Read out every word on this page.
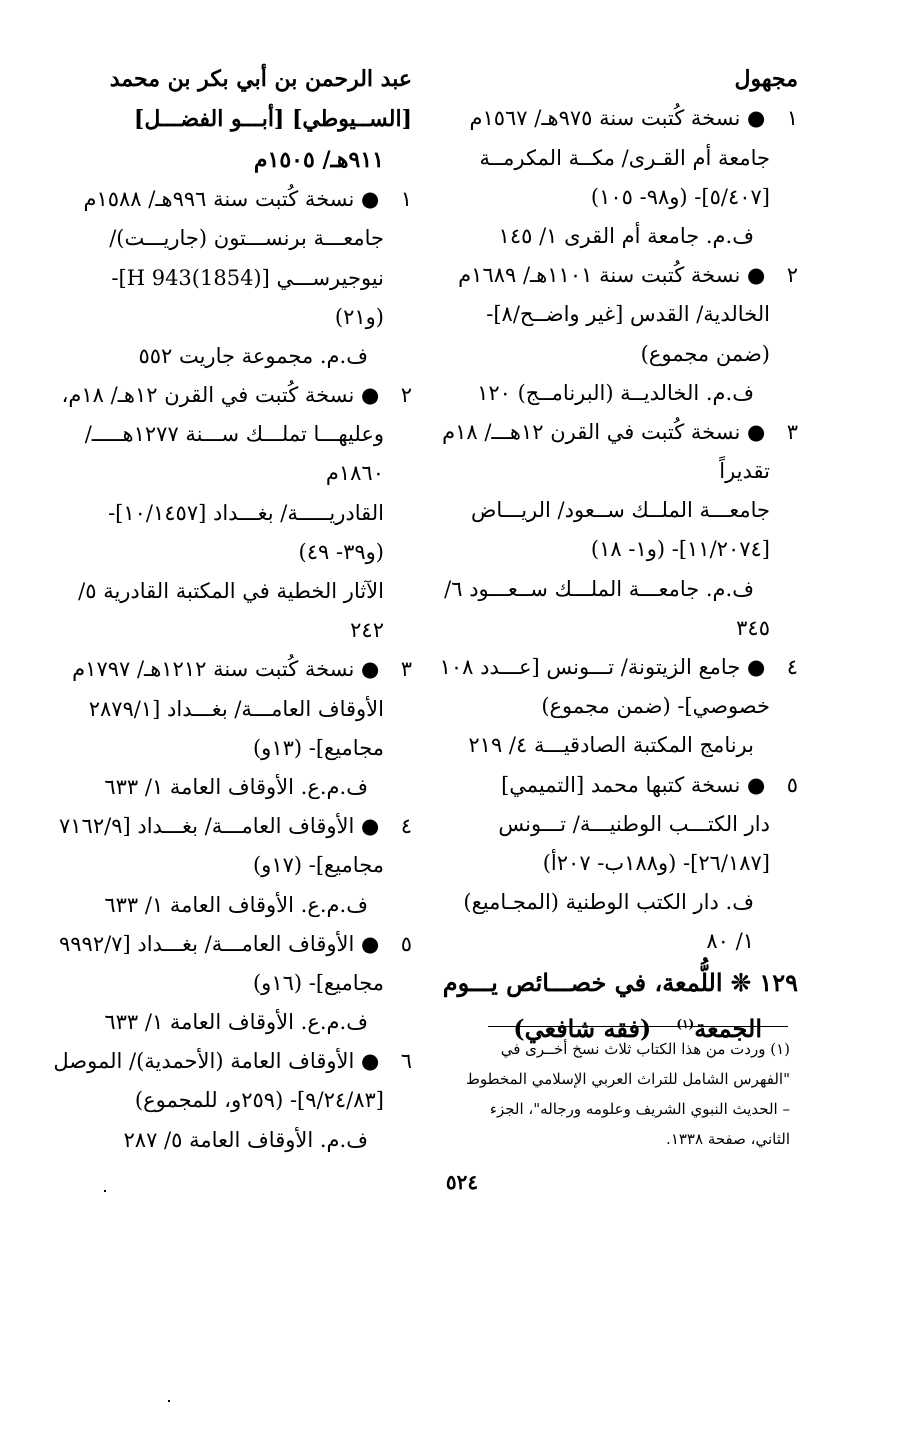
مجهول

١ ● نسخة كُتبت سنة ٩٧٥هـ/ ١٥٦٧م

جامعة أم القـرى/ مكــة المكرمــة

[٥/٤٠٧]- (و٩٨- ١٠٥)

ف.م. جامعة أم القرى ١/ ١٤٥

٢ ● نسخة كُتبت سنة ١١٠١هـ/ ١٦٨٩م

الخالدية/ القدس [غير واضــح/٨]-

(ضمن مجموع)

ف.م. الخالديــة (البرنامــج) ١٢٠

٣ ● نسخة كُتبت في القرن ١٢هـــ/ ١٨م

تقديراً

جامعـــة الملــك ســعود/ الريـــاض

[١١/٢٠٧٤]- (و١- ١٨)

ف.م. جامعـــة الملـــك ســعـــود ٦/

٣٤٥

٤ ● جامع الزيتونة/ تـــونس [عـــدد ١٠٨

خصوصي]- (ضمن مجموع)

برنامج المكتبة الصادقيـــة ٤/ ٢١٩

٥ ● نسخة كتبها محمد [التميمي]

دار الكتـــب الوطنيـــة/ تـــونس

[٢٦/١٨٧]- (و١٨٨ب- ٢٠٧أ)

ف. دار الكتب الوطنية (المجـاميع)

١/ ٨٠

١٢٩ ❊ اللُّمعة، في خصـــائص يـــوم

الجمعة$^{(١)}$   (فقه شافعي)

عبد الرحمن بن أبي بكر بن محمد

[الســيوطي] [أبـــو الفضـــل]

٩١١هـ/ ١٥٠٥م

١ ● نسخة كُتبت سنة ٩٩٦هـ/ ١٥٨٨م

جامعـــة برنســـتون (جاريـــت)/

نيوجيرســـي [H 943(1854)]-

(و٢١)

ف.م. مجموعة جاريت ٥٥٢

٢ ● نسخة كُتبت في القرن ١٢هـ/ ١٨م،

وعليهـــا تملـــك ســـنة ١٢٧٧هـــــ/

١٨٦٠م

القادريـــــة/ بغـــداد [١٠/١٤٥٧]-

(و٣٩- ٤٩)

الآثار الخطية في المكتبة القادرية ٥/

٢٤٢

٣ ● نسخة كُتبت سنة ١٢١٢هـ/ ١٧٩٧م

الأوقاف العامـــة/ بغـــداد [٢٨٧٩/١

مجاميع]- (١٣و)

ف.م.ع. الأوقاف العامة ١/ ٦٣٣

٤ ● الأوقاف العامـــة/ بغـــداد [٧١٦٢/٩

مجاميع]- (١٧و)

ف.م.ع. الأوقاف العامة ١/ ٦٣٣

٥ ● الأوقاف العامـــة/ بغـــداد [٩٩٩٢/٧

مجاميع]- (١٦و)

ف.م.ع. الأوقاف العامة ١/ ٦٣٣

٦ ● الأوقاف العامة (الأحمدية)/ الموصل

[٩/٢٤/٨٣]- (٢٥٩و، للمجموع)

ف.م. الأوقاف العامة ٥/ ٢٨٧

(١) وردت من هذا الكتاب ثلاث نسخ أخــرى في

"الفهرس الشامل للتراث العربي الإسلامي المخطوط

– الحديث النبوي الشريف وعلومه ورجاله"، الجزء

الثاني، صفحة ١٣٣٨.

٥٢٤
